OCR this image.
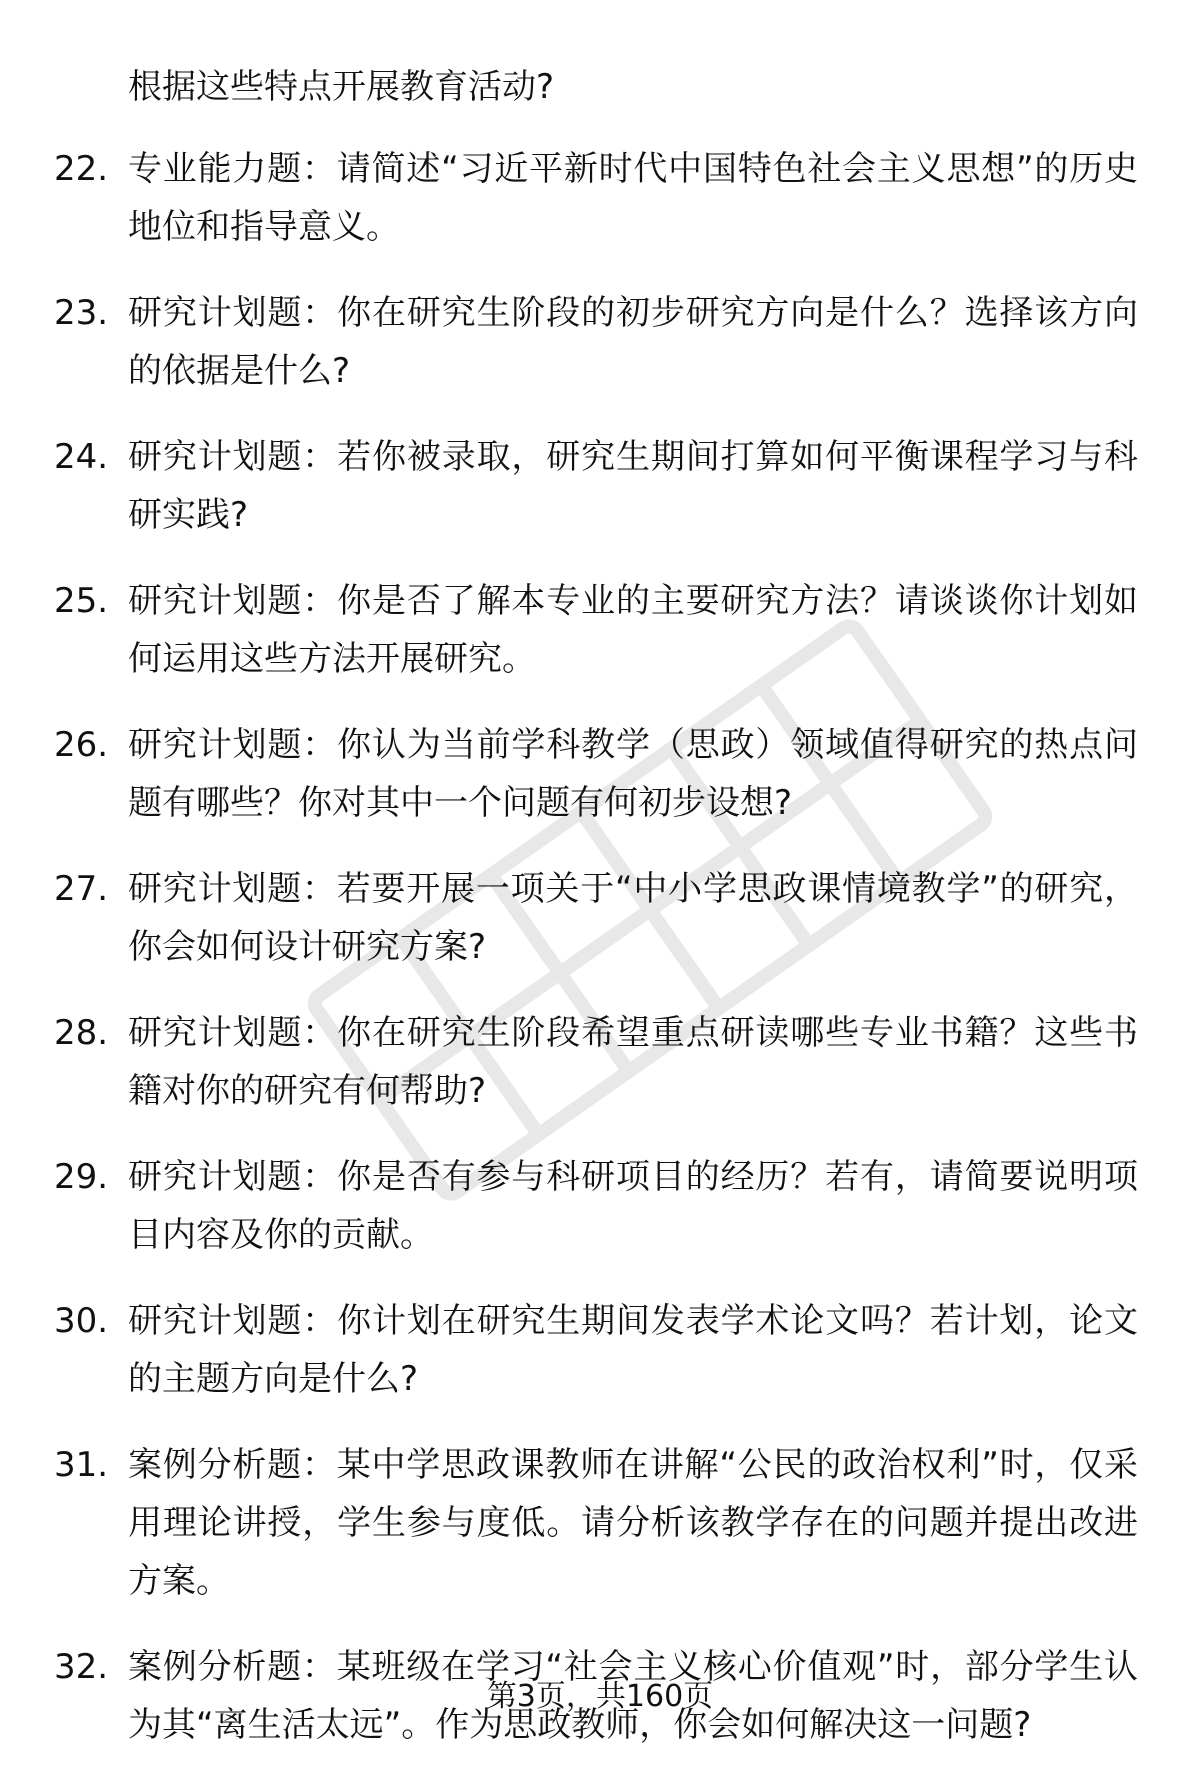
根据这些特点开展教育活动?
22. 专业能力题：请简述“习近平新时代中国特色社会主义思想”的历史地位和指导意义。
23. 研究计划题：你在研究生阶段的初步研究方向是什么？选择该方向的依据是什么?
24. 研究计划题：若你被录取，研究生期间打算如何平衡课程学习与科研实践?
25. 研究计划题：你是否了解本专业的主要研究方法？请谈谈你计划如何运用这些方法开展研究。
26. 研究计划题：你认为当前学科教学（思政）领域值得研究的热点问题有哪些？你对其中一个问题有何初步设想?
27. 研究计划题：若要开展一项关于“中小学思政课情境教学”的研究，你会如何设计研究方案?
28. 研究计划题：你在研究生阶段希望重点研读哪些专业书籍？这些书籍对你的研究有何帮助?
29. 研究计划题：你是否有参与科研项目的经历？若有，请简要说明项目内容及你的贡献。
30. 研究计划题：你计划在研究生期间发表学术论文吗？若计划，论文的主题方向是什么?
31. 案例分析题：某中学思政课教师在讲解“公民的政治权利”时，仅采用理论讲授，学生参与度低。请分析该教学存在的问题并提出改进方案。
32. 案例分析题：某班级在学习“社会主义核心价值观”时，部分学生认为其“离生活太远”。作为思政教师，你会如何解决这一问题?
第3页，共160页
